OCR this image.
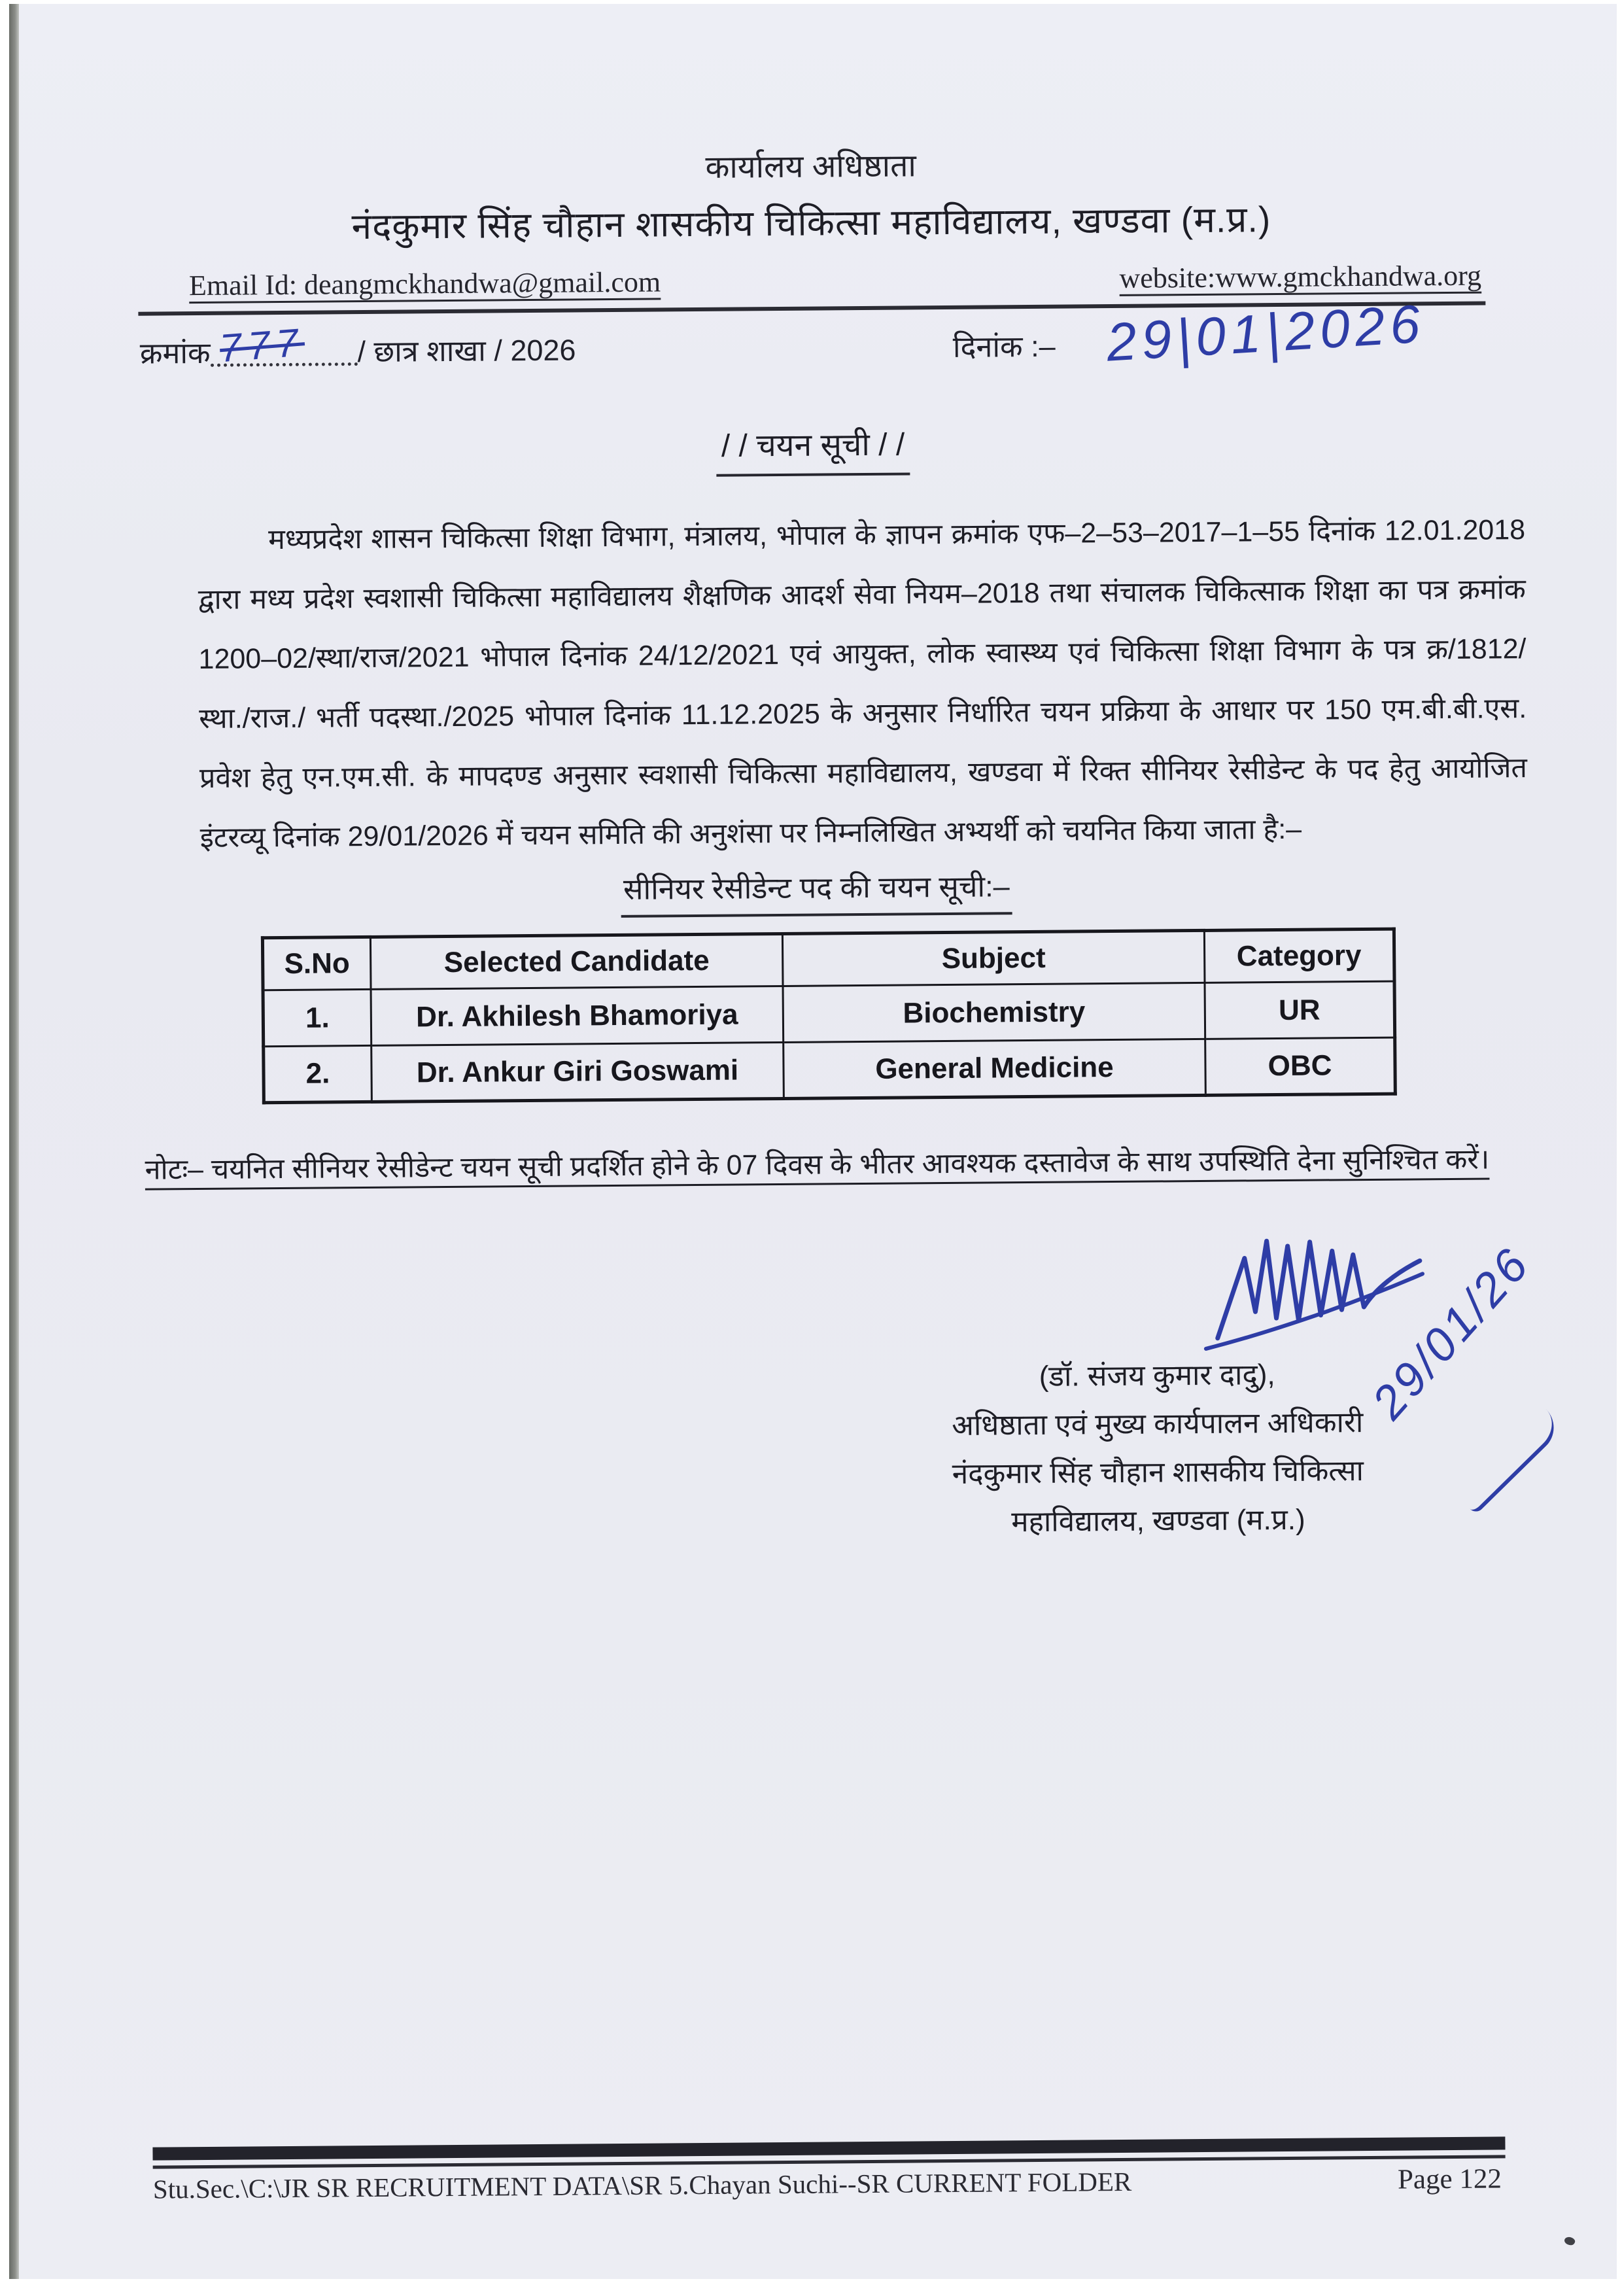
कार्यालय अधिष्ठाता
नंदकुमार सिंह चौहान शासकीय चिकित्सा महाविद्यालय, खण्डवा (म.प्र.)
Email Id: deangmckhandwa@gmail.com	website:www.gmckhandwa.org
क्रमांक 777 / छात्र शाखा / 2026	दिनांक :– 29|01|2026
/ / चयन सूची / /
मध्यप्रदेश शासन चिकित्सा शिक्षा विभाग, मंत्रालय, भोपाल के ज्ञापन क्रमांक एफ–2–53–2017–1–55 दिनांक 12.01.2018 द्वारा मध्य प्रदेश स्वशासी चिकित्सा महाविद्यालय शैक्षणिक आदर्श सेवा नियम–2018 तथा संचालक चिकित्साक शिक्षा का पत्र क्रमांक 1200–02/स्था/राज/2021 भोपाल दिनांक 24/12/2021 एवं आयुक्त, लोक स्वास्थ्य एवं चिकित्सा शिक्षा विभाग के पत्र क्र/1812/स्था./राज./ भर्ती पदस्था./2025 भोपाल दिनांक 11.12.2025 के अनुसार निर्धारित चयन प्रक्रिया के आधार पर 150 एम.बी.बी.एस. प्रवेश हेतु एन.एम.सी. के मापदण्ड अनुसार स्वशासी चिकित्सा महाविद्यालय, खण्डवा में रिक्त सीनियर रेसीडेन्ट के पद हेतु आयोजित इंटरव्यू दिनांक 29/01/2026 में चयन समिति की अनुशंसा पर निम्नलिखित अभ्यर्थी को चयनित किया जाता है:–
सीनियर रेसीडेन्ट पद की चयन सूची:–
S.No	Selected Candidate	Subject	Category
1.	Dr. Akhilesh Bhamoriya	Biochemistry	UR
2.	Dr. Ankur Giri Goswami	General Medicine	OBC
नोटः– चयनित सीनियर रेसीडेन्ट चयन सूची प्रदर्शित होने के 07 दिवस के भीतर आवश्यक दस्तावेज के साथ उपस्थिति देना सुनिश्चित करें।
29/01/26
(डॉ. संजय कुमार दादु),
अधिष्ठाता एवं मुख्य कार्यपालन अधिकारी
नंदकुमार सिंह चौहान शासकीय चिकित्सा
महाविद्यालय, खण्डवा (म.प्र.)
Stu.Sec.\C:\JR SR RECRUITMENT DATA\SR 5.Chayan Suchi--SR CURRENT FOLDER	Page 122
